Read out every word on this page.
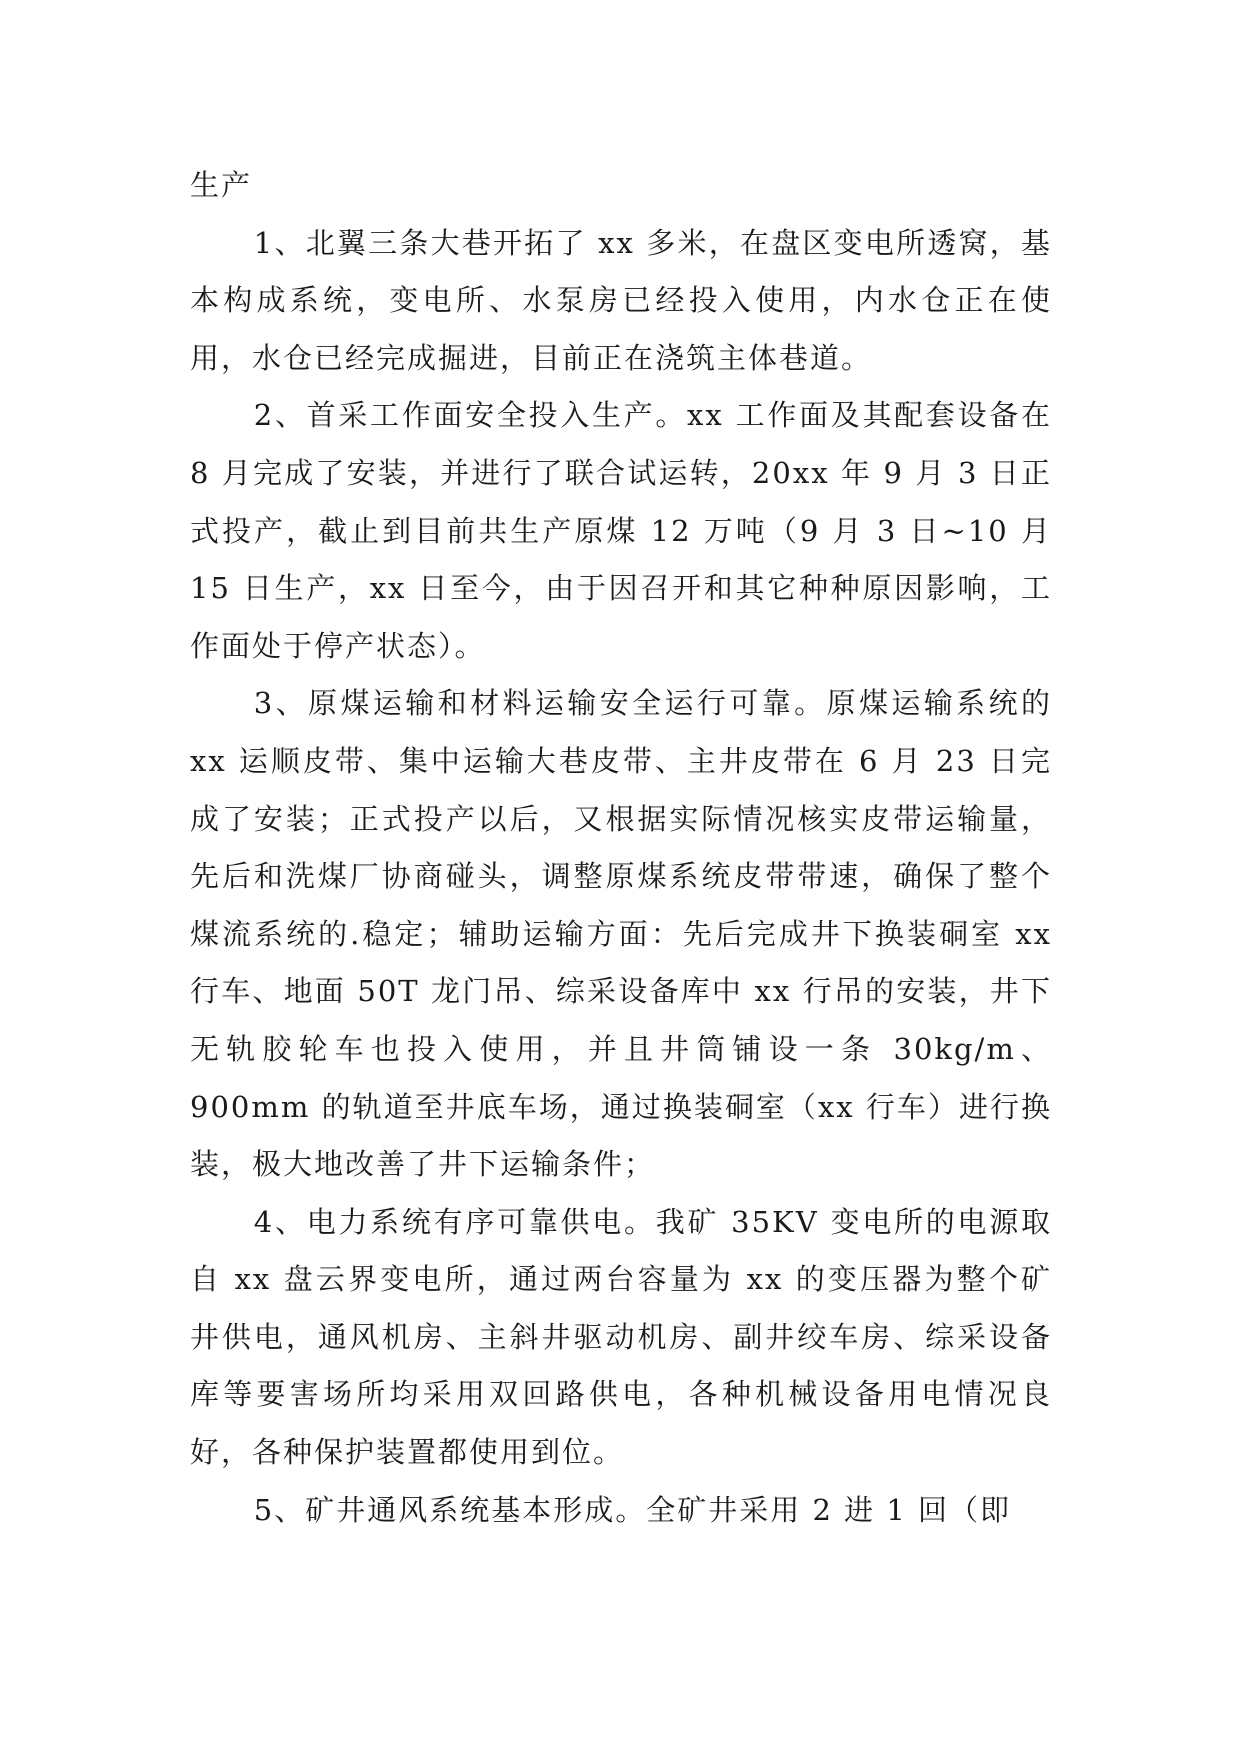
生产

1、北翼三条大巷开拓了 xx 多米，在盘区变电所透窝，基本构成系统，变电所、水泵房已经投入使用，内水仓正在使用，水仓已经完成掘进，目前正在浇筑主体巷道。

2、首采工作面安全投入生产。xx 工作面及其配套设备在 8 月完成了安装，并进行了联合试运转，20xx 年 9 月 3 日正式投产，截止到目前共生产原煤 12 万吨（9 月 3 日~10 月 15 日生产，xx 日至今，由于因召开和其它种种原因影响，工作面处于停产状态）。

3、原煤运输和材料运输安全运行可靠。原煤运输系统的 xx 运顺皮带、集中运输大巷皮带、主井皮带在 6 月 23 日完成了安装；正式投产以后，又根据实际情况核实皮带运输量，先后和洗煤厂协商碰头，调整原煤系统皮带带速，确保了整个煤流系统的.稳定；辅助运输方面：先后完成井下换装硐室 xx 行车、地面 50T 龙门吊、综采设备库中 xx 行吊的安装，井下无轨胶轮车也投入使用，并且井筒铺设一条 30kg/m、900mm 的轨道至井底车场，通过换装硐室（xx 行车）进行换装，极大地改善了井下运输条件；

4、电力系统有序可靠供电。我矿 35KV 变电所的电源取自 xx 盘云界变电所，通过两台容量为 xx 的变压器为整个矿井供电，通风机房、主斜井驱动机房、副井绞车房、综采设备库等要害场所均采用双回路供电，各种机械设备用电情况良好，各种保护装置都使用到位。

5、矿井通风系统基本形成。全矿井采用 2 进 1 回（即
